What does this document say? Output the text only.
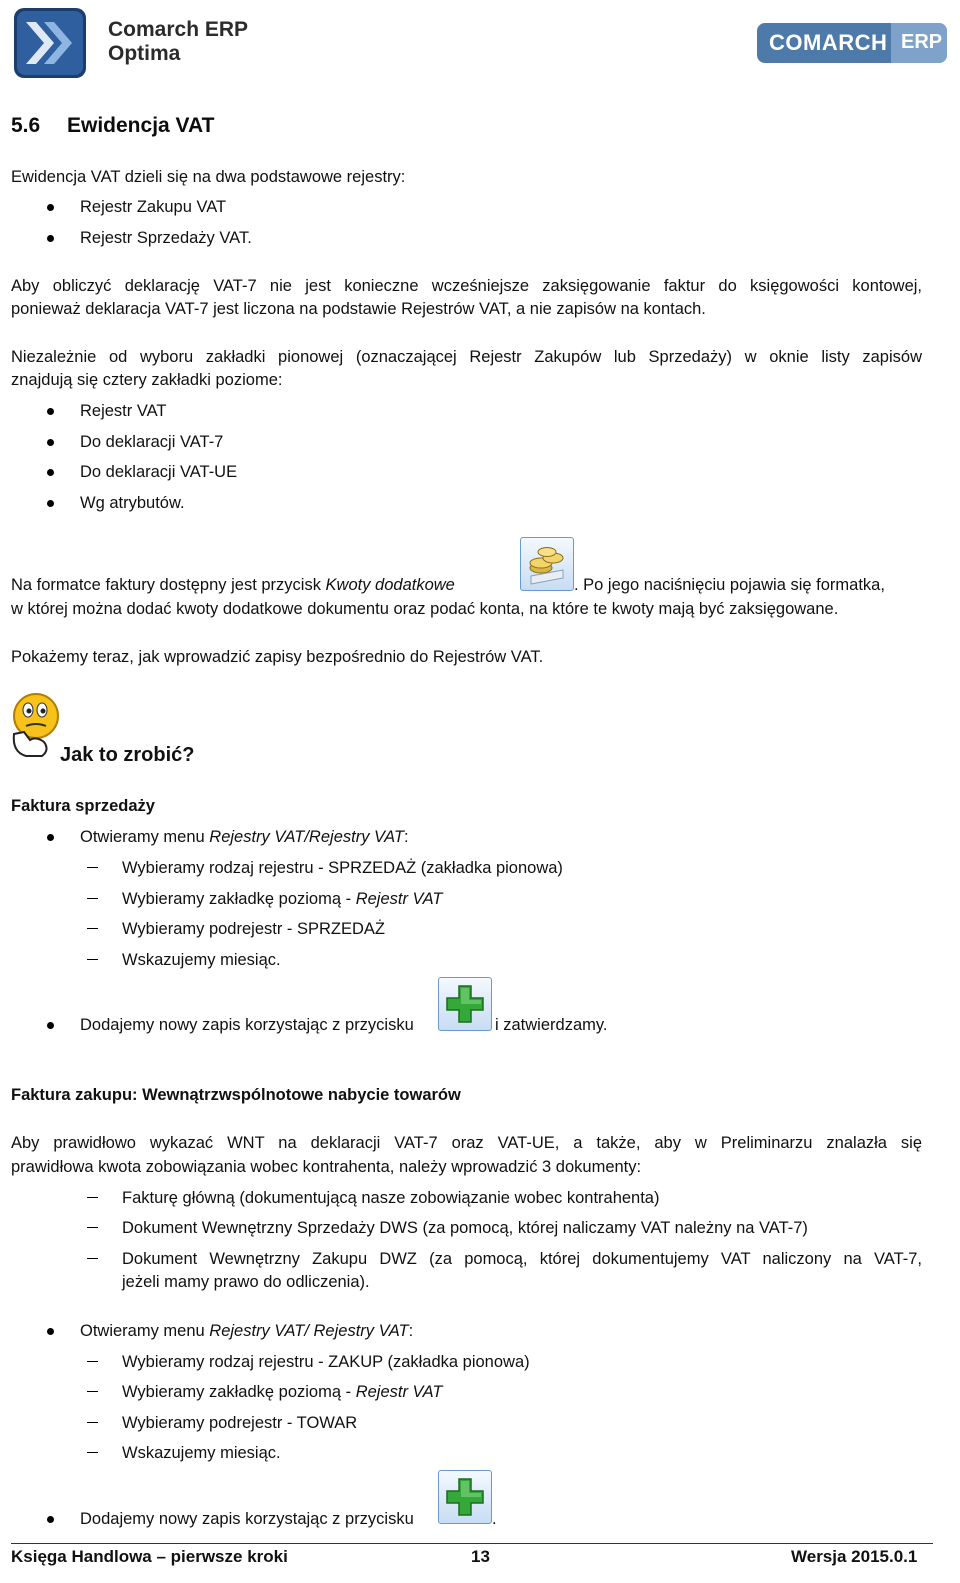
Comarch ERP
Optima	COMARCH ERP
5.6 Ewidencja VAT
Ewidencja VAT dzieli się na dwa podstawowe rejestry:
Rejestr Zakupu VAT
Rejestr Sprzedaży VAT.
Aby obliczyć deklarację VAT-7 nie jest konieczne wcześniejsze zaksięgowanie faktur do księgowości kontowej,
ponieważ deklaracja VAT-7 jest liczona na podstawie Rejestrów VAT, a nie zapisów na kontach.
Niezależnie od wyboru zakładki pionowej (oznaczającej Rejestr Zakupów lub Sprzedaży) w oknie listy zapisów
znajdują się cztery zakładki poziome:
Rejestr VAT
Do deklaracji VAT-7
Do deklaracji VAT-UE
Wg atrybutów.
Na formatce faktury dostępny jest przycisk Kwoty dodatkowe	. Po jego naciśnięciu pojawia się formatka,
w której można dodać kwoty dodatkowe dokumentu oraz podać konta, na które te kwoty mają być zaksięgowane.
Pokażemy teraz, jak wprowadzić zapisy bezpośrednio do Rejestrów VAT.
Jak to zrobić?
Faktura sprzedaży
Otwieramy menu Rejestry VAT/Rejestry VAT:
Wybieramy rodzaj rejestru - SPRZEDAŻ (zakładka pionowa)
Wybieramy zakładkę poziomą - Rejestr VAT
Wybieramy podrejestr - SPRZEDAŻ
Wskazujemy miesiąc.
Dodajemy nowy zapis korzystając z przycisku	i zatwierdzamy.
Faktura zakupu: Wewnątrzwspólnotowe nabycie towarów
Aby prawidłowo wykazać WNT na deklaracji VAT-7 oraz VAT-UE, a także, aby w Preliminarzu znalazła się
prawidłowa kwota zobowiązania wobec kontrahenta, należy wprowadzić 3 dokumenty:
Fakturę główną (dokumentującą nasze zobowiązanie wobec kontrahenta)
Dokument Wewnętrzny Sprzedaży DWS (za pomocą, której naliczamy VAT należny na VAT-7)
Dokument Wewnętrzny Zakupu DWZ (za pomocą, której dokumentujemy VAT naliczony na VAT-7,
jeżeli mamy prawo do odliczenia).
Otwieramy menu Rejestry VAT/ Rejestry VAT:
Wybieramy rodzaj rejestru - ZAKUP (zakładka pionowa)
Wybieramy zakładkę poziomą - Rejestr VAT
Wybieramy podrejestr - TOWAR
Wskazujemy miesiąc.
Dodajemy nowy zapis korzystając z przycisku	.
Księga Handlowa – pierwsze kroki	13	Wersja 2015.0.1
